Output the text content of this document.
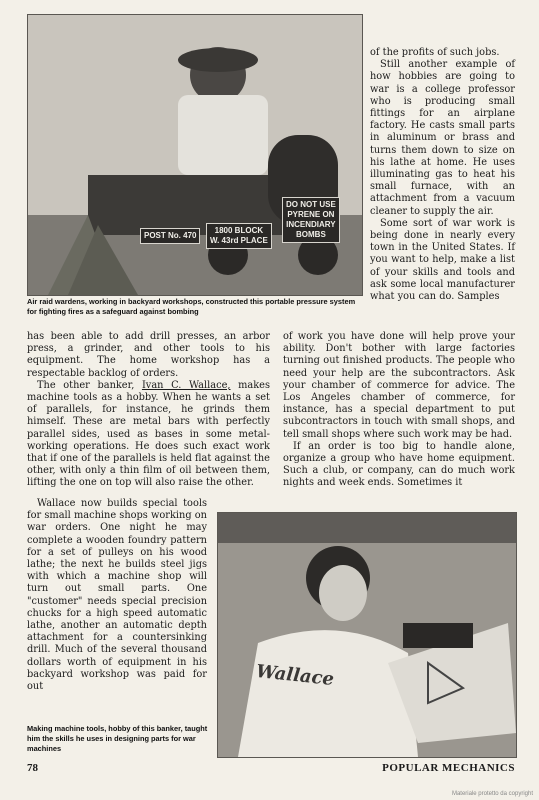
POST No. 470
1800 BLOCK
W. 43rd PLACE
DO NOT USE
PYRENE ON
INCENDIARY
BOMBS

Air raid wardens, working in backyard workshops, constructed this portable pressure system for fighting fires as a safeguard against bombing

of the profits of such jobs.

Still another example of how hobbies are going to war is a college professor who is producing small fittings for an airplane factory. He casts small parts in aluminum or brass and turns them down to size on his lathe at home. He uses illuminating gas to heat his small furnace, with an attachment from a vacuum cleaner to supply the air.

Some sort of war work is being done in nearly every town in the United States. If you want to help, make a list of your skills and tools and ask some local manufacturer what you can do. Samples

has been able to add drill presses, an arbor press, a grinder, and other tools to his equipment. The home workshop has a respectable backlog of orders.

The other banker, Ivan C. Wallace, makes machine tools as a hobby. When he wants a set of parallels, for instance, he grinds them himself. These are metal bars with perfectly parallel sides, used as bases in some metal-working operations. He does such exact work that if one of the parallels is held flat against the other, with only a thin film of oil between them, lifting the one on top will also raise the other.

of work you have done will help prove your ability. Don't bother with large factories turning out finished products. The people who need your help are the subcontractors. Ask your chamber of commerce for advice. The Los Angeles chamber of commerce, for instance, has a special department to put subcontractors in touch with small shops, and tell small shops where such work may be had.

If an order is too big to handle alone, organize a group who have home equipment. Such a club, or company, can do much work nights and week ends. Sometimes it

Wallace now builds special tools for small machine shops working on war orders. One night he may complete a wooden foundry pattern for a set of pulleys on his wood lathe; the next he builds steel jigs with which a machine shop will turn out small parts. One "customer" needs special precision chucks for a high speed automatic lathe, another an automatic depth attachment for a countersinking drill. Much of the several thousand dollars worth of equipment in his backyard workshop was paid for out	Wallace

Making machine tools, hobby of this banker, taught him the skills he uses in designing parts for war machines

78	POPULAR MECHANICS
Materiale protetto da copyright
